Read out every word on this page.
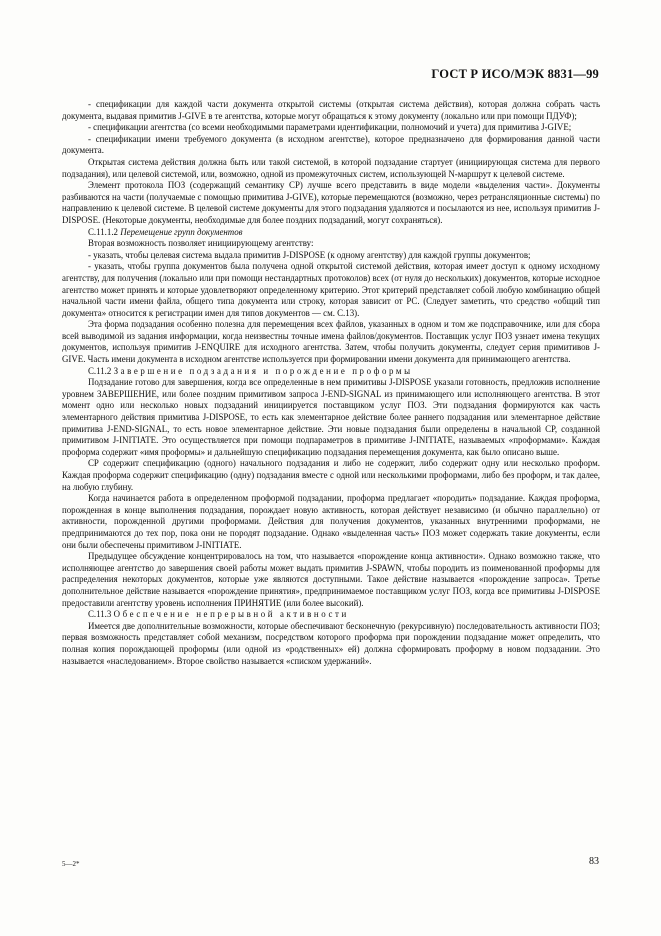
ГОСТ Р ИСО/МЭК 8831—99

- спецификации для каждой части документа открытой системы (открытая система действия), которая должна собрать часть документа, выдавая примитив J-GIVE в те агентства, которые могут обращаться к этому документу (локально или при помощи ПДУФ);

- спецификации агентства (со всеми необходимыми параметрами идентификации, полномочий и учета) для примитива J-GIVE;

- спецификации имени требуемого документа (в исходном агентстве), которое предназначено для формирования данной части документа.

Открытая система действия должна быть или такой системой, в которой подзадание стартует (инициирующая система для первого подзадания), или целевой системой, или, возможно, одной из промежуточных систем, использующей N-маршрут к целевой системе.

Элемент протокола ПОЗ (содержащий семантику СР) лучше всего представить в виде модели «выделения части». Документы разбиваются на части (получаемые с помощью примитива J-GIVE), которые перемещаются (возможно, через ретрансляционные системы) по направлению к целевой системе. В целевой системе документы для этого подзадания удаляются и посылаются из нее, используя примитив J-DISPOSE. (Некоторые документы, необходимые для более поздних подзаданий, могут сохраняться).

С.11.1.2 Перемещение групп документов

Вторая возможность позволяет инициирующему агентству:

- указать, чтобы целевая система выдала примитив J-DISPOSE (к одному агентству) для каждой группы документов;

- указать, чтобы группа документов была получена одной открытой системой действия, которая имеет доступ к одному исходному агентству, для получения (локально или при помощи нестандартных протоколов) всех (от нуля до нескольких) документов, которые исходное агентство может принять и которые удовлетворяют определенному критерию. Этот критерий представляет собой любую комбинацию общей начальной части имени файла, общего типа документа или строку, которая зависит от РС. (Следует заметить, что средство «общий тип документа» относится к регистрации имен для типов документов — см. С.13).

Эта форма подзадания особенно полезна для перемещения всех файлов, указанных в одном и том же подсправочнике, или для сбора всей выводимой из задания информации, когда неизвестны точные имена файлов/документов. Поставщик услуг ПОЗ узнает имена текущих документов, используя примитив J-ENQUIRE для исходного агентства. Затем, чтобы получить документы, следует серия примитивов J-GIVE. Часть имени документа в исходном агентстве используется при формировании имени документа для принимающего агентства.

С.11.2 Завершение подзадания и порождение проформы

Подзадание готово для завершения, когда все определенные в нем примитивы J-DISPOSE указали готовность, предложив исполнение уровнем ЗАВЕРШЕНИЕ, или более поздним примитивом запроса J-END-SIGNAL из принимающего или исполняющего агентства. В этот момент одно или несколько новых подзаданий инициируется поставщиком услуг ПОЗ. Эти подзадания формируются как часть элементарного действия примитива J-DISPOSE, то есть как элементарное действие более раннего подзадания или элементарное действие примитива J-END-SIGNAL, то есть новое элементарное действие. Эти новые подзадания были определены в начальной СР, созданной примитивом J-INITIATE. Это осуществляется при помощи подпараметров в примитиве J-INITIATE, называемых «проформами». Каждая проформа содержит «имя проформы» и дальнейшую спецификацию подзадания перемещения документа, как было описано выше.

СР содержит спецификацию (одного) начального подзадания и либо не содержит, либо содержит одну или несколько проформ. Каждая проформа содержит спецификацию (одну) подзадания вместе с одной или несколькими проформами, либо без проформ, и так далее, на любую глубину.

Когда начинается работа в определенном проформой подзадании, проформа предлагает «породить» подзадание. Каждая проформа, порожденная в конце выполнения подзадания, порождает новую активность, которая действует независимо (и обычно параллельно) от активности, порожденной другими проформами. Действия для получения документов, указанных внутренними проформами, не предпринимаются до тех пор, пока они не породят подзадание. Однако «выделенная часть» ПОЗ может содержать такие документы, если они были обеспечены примитивом J-INITIATE.

Предыдущее обсуждение концентрировалось на том, что называется «порождение конца активности». Однако возможно также, что исполняющее агентство до завершения своей работы может выдать примитив J-SPAWN, чтобы породить из поименованной проформы для распределения некоторых документов, которые уже являются доступными. Такое действие называется «порождение запроса». Третье дополнительное действие называется «порождение принятия», предпринимаемое поставщиком услуг ПОЗ, когда все примитивы J-DISPOSE предоставили агентству уровень исполнения ПРИНЯТИЕ (или более высокий).

С.11.3 Обеспечение непрерывной активности

Имеется две дополнительные возможности, которые обеспечивают бесконечную (рекурсивную) последовательность активности ПОЗ; первая возможность представляет собой механизм, посредством которого проформа при порождении подзадание может определить, что полная копия порождающей проформы (или одной из «родственных» ей) должна сформировать проформу в новом подзадании. Это называется «наследованием». Второе свойство называется «списком удержаний».

5—2*	83
